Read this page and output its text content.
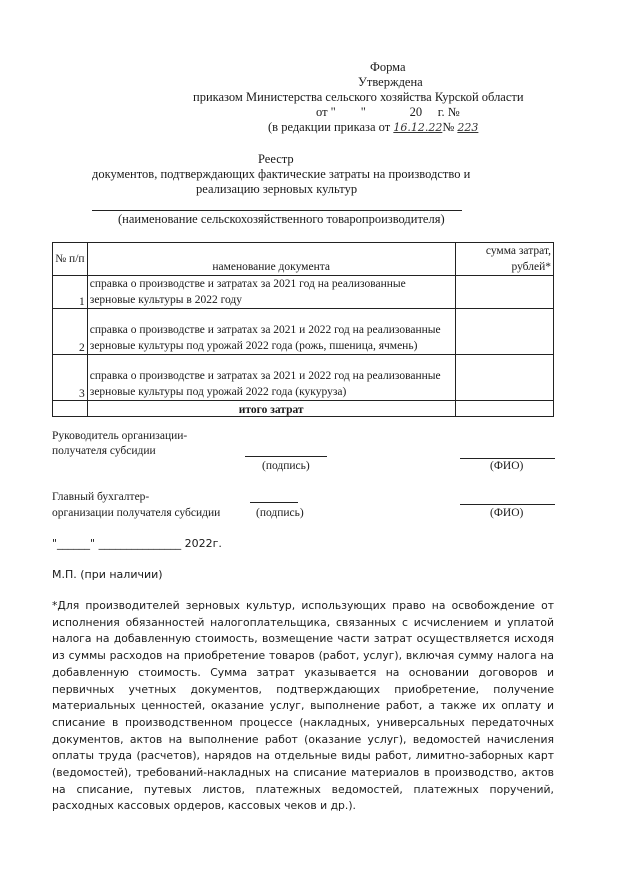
Форма
Утверждена
приказом Министерства сельского хозяйства Курской области
от "        "              20     г. №
(в редакции приказа от 16.12.22№ 223
Реестр
документов, подтверждающих фактические затраты на производство и
реализацию зерновых культур
(наименование сельскохозяйственного товаропроизводителя)
№ п/п	наменование документа	сумма затрат, рублей*
1	справка о производстве и затратах за 2021 год на реализованные
зерновые культуры в 2022 году	

2	справка о производстве и затратах за 2021 и 2022 год на реализованные
зерновые культуры под урожай 2022 года (рожь, пшеница, ячмень)	

3	справка о производстве и затратах за 2021 и 2022 год на реализованные
зерновые культуры под урожай 2022 года (кукуруза)	

	итого затрат	
Руководитель организации-
получателя субсидии
(подпись)	(ФИО)
Главный бухгалтер-
организации получателя субсидии	(подпись)	(ФИО)
"______" _______________ 2022г.
М.П. (при наличии)

*Для производителей зерновых культур, использующих право на освобождение от исполнения обязанностей налогоплательщика, связанных с исчислением и уплатой налога на добавленную стоимость, возмещение части затрат осуществляется исходя из суммы расходов на приобретение товаров (работ, услуг), включая сумму налога на добавленную стоимость. Сумма затрат указывается на основании договоров и первичных учетных документов, подтверждающих приобретение, получение материальных ценностей, оказание услуг, выполнение работ, а также их оплату и списание в производственном процессе (накладных, универсальных передаточных документов, актов на выполнение работ (оказание услуг), ведомостей начисления оплаты труда (расчетов), нарядов на отдельные виды работ, лимитно-заборных карт (ведомостей), требований-накладных на списание материалов в производство, актов на списание, путевых листов, платежных ведомостей, платежных поручений, расходных кассовых ордеров, кассовых чеков и др.).
